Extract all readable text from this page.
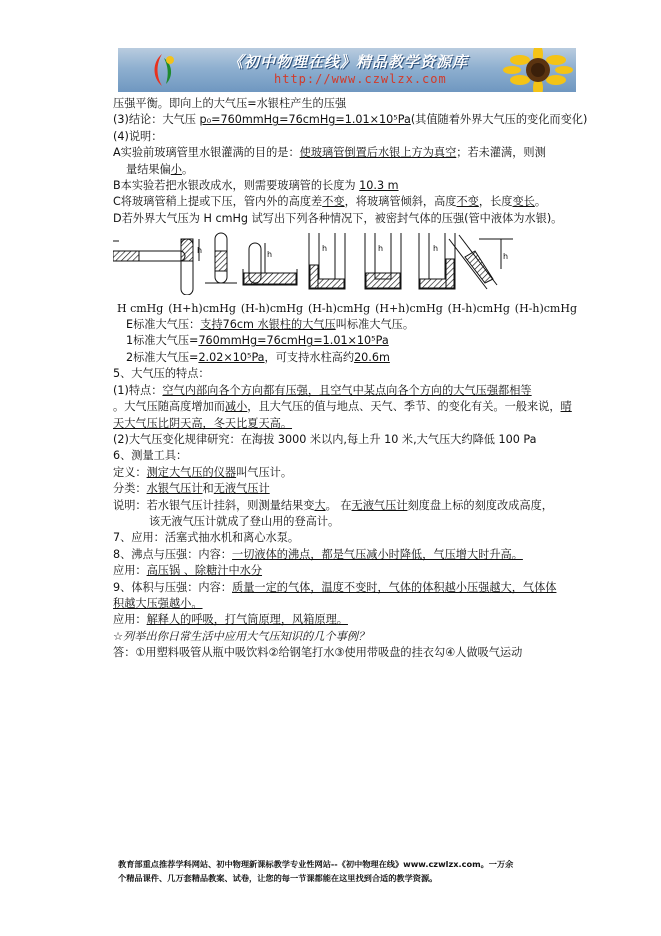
《初中物理在线》精品教学资源库
http://www.czwlzx.com
压强平衡。即向上的大气压=水银柱产生的压强
(3)结论：大气压 p₀=760mmHg=76cmHg=1.01×10⁵Pa(其值随着外界大气压的变化而变化)
(4)说明：
A实验前玻璃管里水银灌满的目的是：使玻璃管倒置后水银上方为真空；若未灌满，则测
量结果偏小。
B本实验若把水银改成水，则需要玻璃管的长度为 10.3 m
C将玻璃管稍上提或下压，管内外的高度差不变，将玻璃管倾斜，高度不变，长度变长。
D若外界大气压为 H cmHg 试写出下列各种情况下，被密封气体的压强(管中液体为水银)。
h	h
h	h	h
h
H cmHg (H+h)cmHg (H-h)cmHg (H-h)cmHg (H+h)cmHg (H-h)cmHg (H-h)cmHg
E标准大气压：支持76cm 水银柱的大气压叫标准大气压。
1标准大气压=760mmHg=76cmHg=1.01×10⁵Pa
2标准大气压=2.02×10⁵Pa，可支持水柱高约20.6m
5、大气压的特点：
(1)特点：空气内部向各个方向都有压强，且空气中某点向各个方向的大气压强都相等
。大气压随高度增加而减小，且大气压的值与地点、天气、季节、的变化有关。一般来说，晴
天大气压比阴天高，冬天比夏天高。
(2)大气压变化规律研究：在海拔 3000 米以内,每上升 10 米,大气压大约降低 100 Pa
6、测量工具：
定义：测定大气压的仪器叫气压计。
分类：水银气压计和无液气压计
说明：若水银气压计挂斜，则测量结果变大。 在无液气压计刻度盘上标的刻度改成高度，
该无液气压计就成了登山用的登高计。
7、应用：活塞式抽水机和离心水泵。
8、沸点与压强：内容：一切液体的沸点，都是气压减小时降低，气压增大时升高。
应用：高压锅 、除糖汁中水分
9、体积与压强：内容：质量一定的气体，温度不变时，气体的体积越小压强越大，气体体
积越大压强越小。
应用：解释人的呼吸，打气筒原理，风箱原理。
☆列举出你日常生活中应用大气压知识的几个事例？
答：①用塑料吸管从瓶中吸饮料②给钢笔打水③使用带吸盘的挂衣勾④人做吸气运动
教育部重点推荐学科网站、初中物理新课标教学专业性网站--《初中物理在线》www.czwlzx.com。一万余
个精品课件、几万套精品教案、试卷，让您的每一节课都能在这里找到合适的教学资源。
